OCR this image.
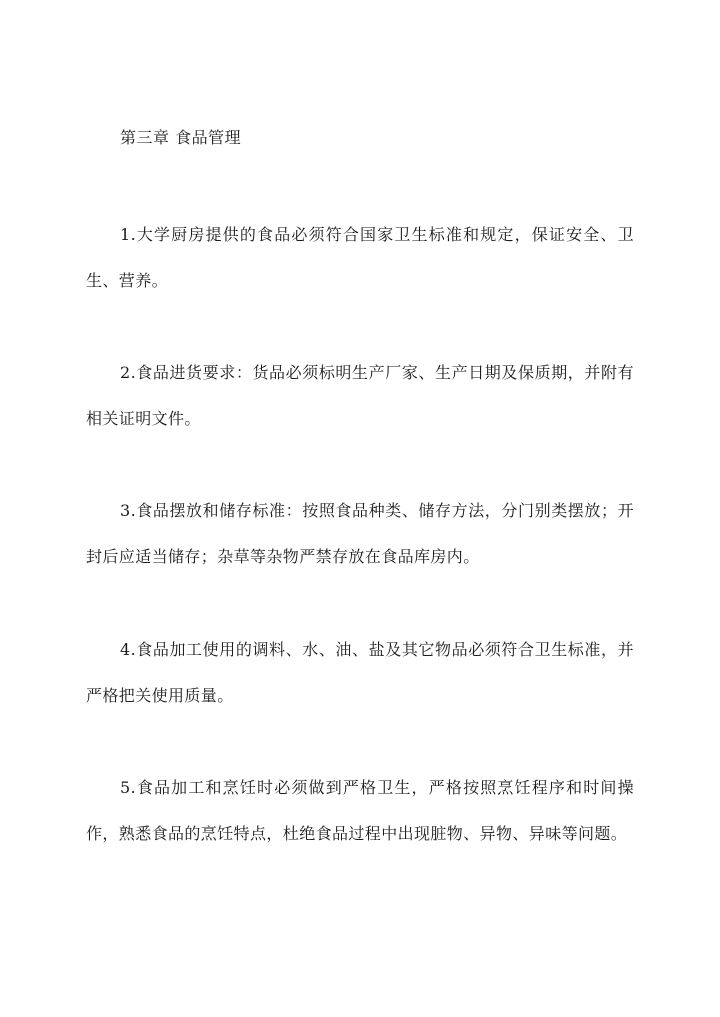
第三章 食品管理

1.大学厨房提供的食品必须符合国家卫生标准和规定，保证安全、卫生、营养。

2.食品进货要求：货品必须标明生产厂家、生产日期及保质期，并附有相关证明文件。

3.食品摆放和储存标准：按照食品种类、储存方法，分门别类摆放；开封后应适当储存；杂草等杂物严禁存放在食品库房内。

4.食品加工使用的调料、水、油、盐及其它物品必须符合卫生标准，并严格把关使用质量。

5.食品加工和烹饪时必须做到严格卫生，严格按照烹饪程序和时间操作，熟悉食品的烹饪特点，杜绝食品过程中出现脏物、异物、异味等问题。
